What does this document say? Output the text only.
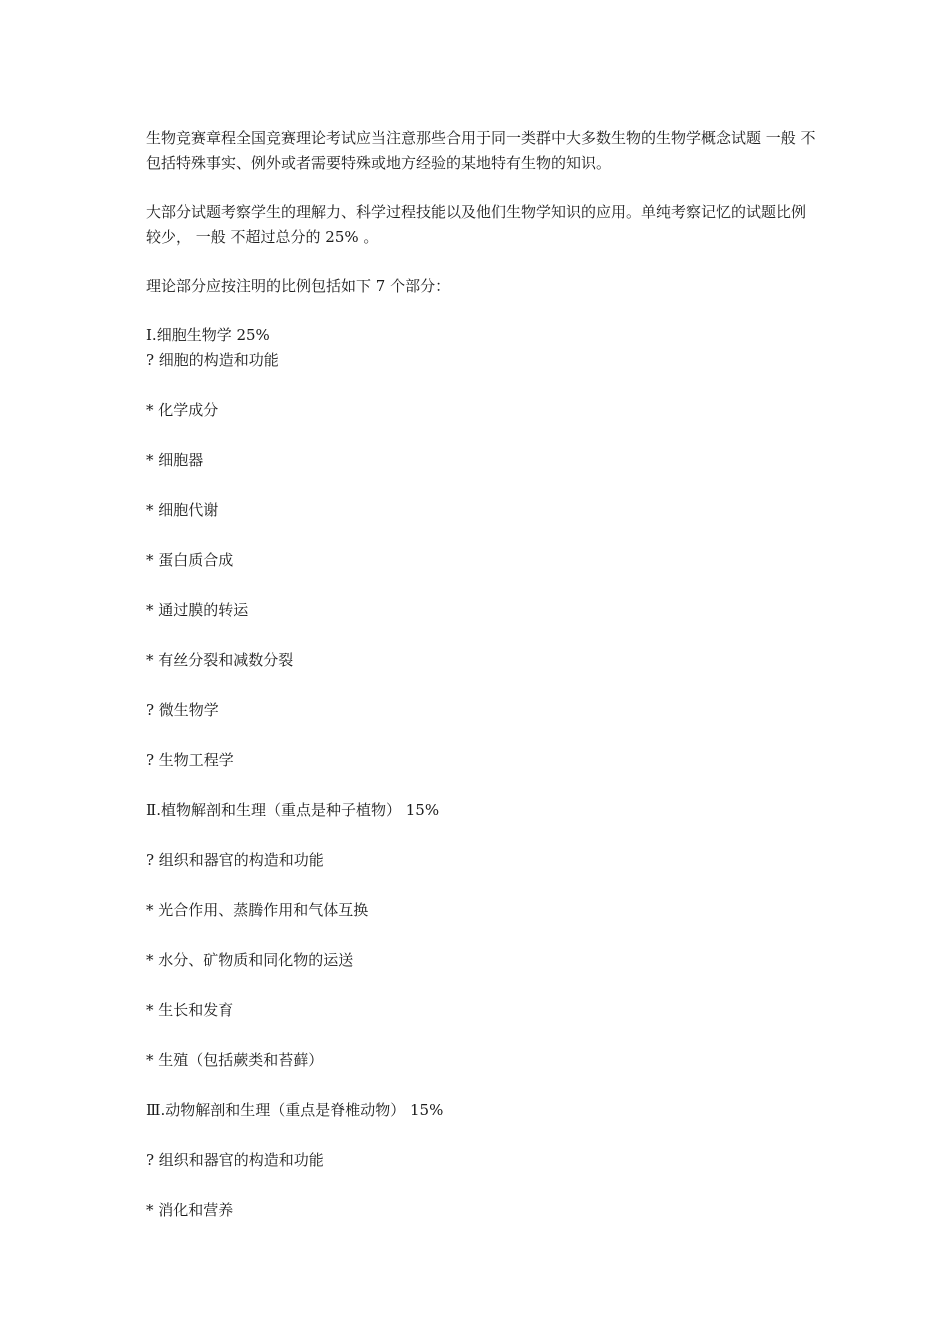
生物竞赛章程全国竞赛理论考试应当注意那些合用于同一类群中大多数生物的生物学概念试题 一般 不包括特殊事实、例外或者需要特殊或地方经验的某地特有生物的知识。

大部分试题考察学生的理解力、科学过程技能以及他们生物学知识的应用。单纯考察记忆的试题比例较少， 一般 不超过总分的 25% 。

理论部分应按注明的比例包括如下 7 个部分：

I.细胞生物学 25%
? 细胞的构造和功能
* 化学成分
* 细胞器
* 细胞代谢
* 蛋白质合成
* 通过膜的转运
* 有丝分裂和减数分裂
? 微生物学
? 生物工程学
Ⅱ.植物解剖和生理（重点是种子植物） 15%
? 组织和器官的构造和功能
* 光合作用、蒸腾作用和气体互换
* 水分、矿物质和同化物的运送
* 生长和发育
* 生殖（包括蕨类和苔藓）
Ⅲ.动物解剖和生理（重点是脊椎动物） 15%
? 组织和器官的构造和功能
* 消化和营养
